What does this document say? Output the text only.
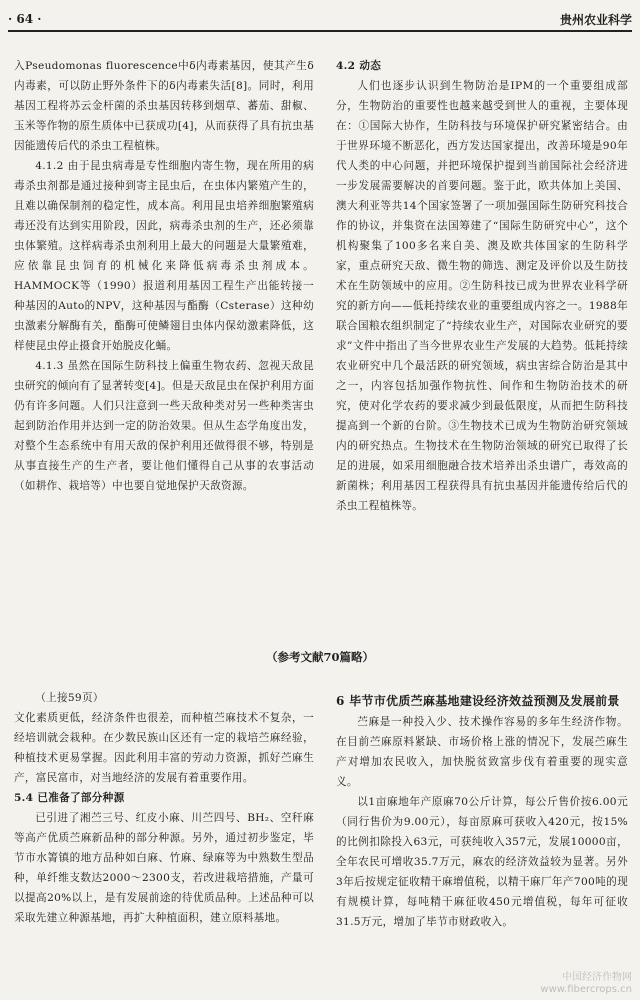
· 64 ·	贵州农业科学

入Pseudomonas fluorescence中δ内毒素基因，使其产生δ内毒素，可以防止野外条件下的δ内毒素失活[8]。同时，利用基因工程将苏云金杆菌的杀虫基因转移到烟草、蕃茄、甜椒、玉米等作物的原生质体中已获成功[4]，从而获得了具有抗虫基因能遗传后代的杀虫工程植株。

4.1.2 由于昆虫病毒是专性细胞内寄生物，现在所用的病毒杀虫剂都是通过接种到寄主昆虫后，在虫体内繁殖产生的，且难以确保制剂的稳定性，成本高。利用昆虫培养细胞繁殖病毒还没有达到实用阶段，因此，病毒杀虫剂的生产，还必须靠虫体繁殖。这样病毒杀虫剂利用上最大的问题是大量繁殖难，应依靠昆虫饲育的机械化来降低病毒杀虫剂成本。HAMMOCK等（1990）报道利用基因工程生产出能转接一种基因的Auto的NPV，这种基因与酯酶（Csterase）这种幼虫激素分解酶有关，酯酶可使鳞翅目虫体内保幼激素降低，这样使昆虫停止摄食开始脱皮化蛹。

4.1.3 虽然在国际生防科技上偏重生物农药、忽视天敌昆虫研究的倾向有了显著转变[4]。但是天敌昆虫在保护利用方面仍有许多问题。人们只注意到一些天敌种类对另一些种类害虫起到防治作用并达到一定的防治效果。但从生态学角度出发，对整个生态系统中有用天敌的保护利用还做得很不够，特别是从事直接生产的生产者，要让他们懂得自己从事的农事活动（如耕作、栽培等）中也要自觉地保护天敌资源。

4.2 动态

人们也逐步认识到生物防治是IPM的一个重要组成部分，生物防治的重要性也越来越受到世人的重视，主要体现在：①国际大协作，生防科技与环境保护研究紧密结合。由于世界环境不断恶化，西方发达国家提出，改善环境是90年代人类的中心问题，并把环境保护提到当前国际社会经济进一步发展需要解决的首要问题。鉴于此，欧共体加上美国、澳大利亚等共14个国家签署了一项加强国际生防研究科技合作的协议，并集资在法国筹建了“国际生防研究中心”，这个机构聚集了100多名来自美、澳及欧共体国家的生防科学家，重点研究天敌、微生物的筛选、测定及评价以及生防技术在生防领域中的应用。②生防科技已成为世界农业科学研究的新方向——低耗持续农业的重要组成内容之一。1988年联合国粮农组织制定了“持续农业生产，对国际农业研究的要求”文件中指出了当今世界农业生产发展的大趋势。低耗持续农业研究中几个最活跃的研究领域，病虫害综合防治是其中之一，内容包括加强作物抗性、间作和生物防治技术的研究，使对化学农药的要求减少到最低限度，从而把生防科技提高到一个新的台阶。③生物技术已成为生物防治研究领域内的研究热点。生物技术在生物防治领域的研究已取得了长足的进展，如采用细胞融合技术培养出杀虫谱广，毒效高的新菌株；利用基因工程获得具有抗虫基因并能遗传给后代的杀虫工程植株等。

（参考文献70篇略）

（上接59页）

文化素质更低，经济条件也很差，而种植苎麻技术不复杂，一经培训就会栽种。在少数民族山区还有一定的栽培苎麻经验，种植技术更易掌握。因此利用丰富的劳动力资源，抓好苎麻生产，富民富市，对当地经济的发展有着重要作用。

5.4 已准备了部分种源

已引进了湘苎三号、红皮小麻、川苎四号、BH₂、空秆麻等高产优质苎麻新品种的部分种源。另外，通过初步鉴定，毕节市水箐镇的地方品种如白麻、竹麻、绿麻等为中熟数生型品种，单纤维支数达2000～2300支，若改进栽培措施，产量可以提高20%以上，是有发展前途的待优质品种。上述品种可以采取先建立种源基地，再扩大种植面积，建立原料基地。

6 毕节市优质苎麻基地建设经济效益预测及发展前景

苎麻是一种投入少、技术操作容易的多年生经济作物。在目前苎麻原料紧缺、市场价格上涨的情况下，发展苎麻生产对增加农民收入，加快脱贫致富步伐有着重要的现实意义。

以1亩麻地年产原麻70公斤计算，每公斤售价按6.00元（同行售价为9.00元），每亩原麻可获收入420元，按15%的比例扣除投入63元，可获纯收入357元，发展10000亩，全年农民可增收35.7万元，麻农的经济效益较为显著。另外3年后按规定征收精干麻增值税，以精干麻厂年产700吨的现有规模计算，每吨精干麻征收450元增值税，每年可征收31.5万元，增加了毕节市财政收入。

中国经济作物网
www.fibercrops.cn
